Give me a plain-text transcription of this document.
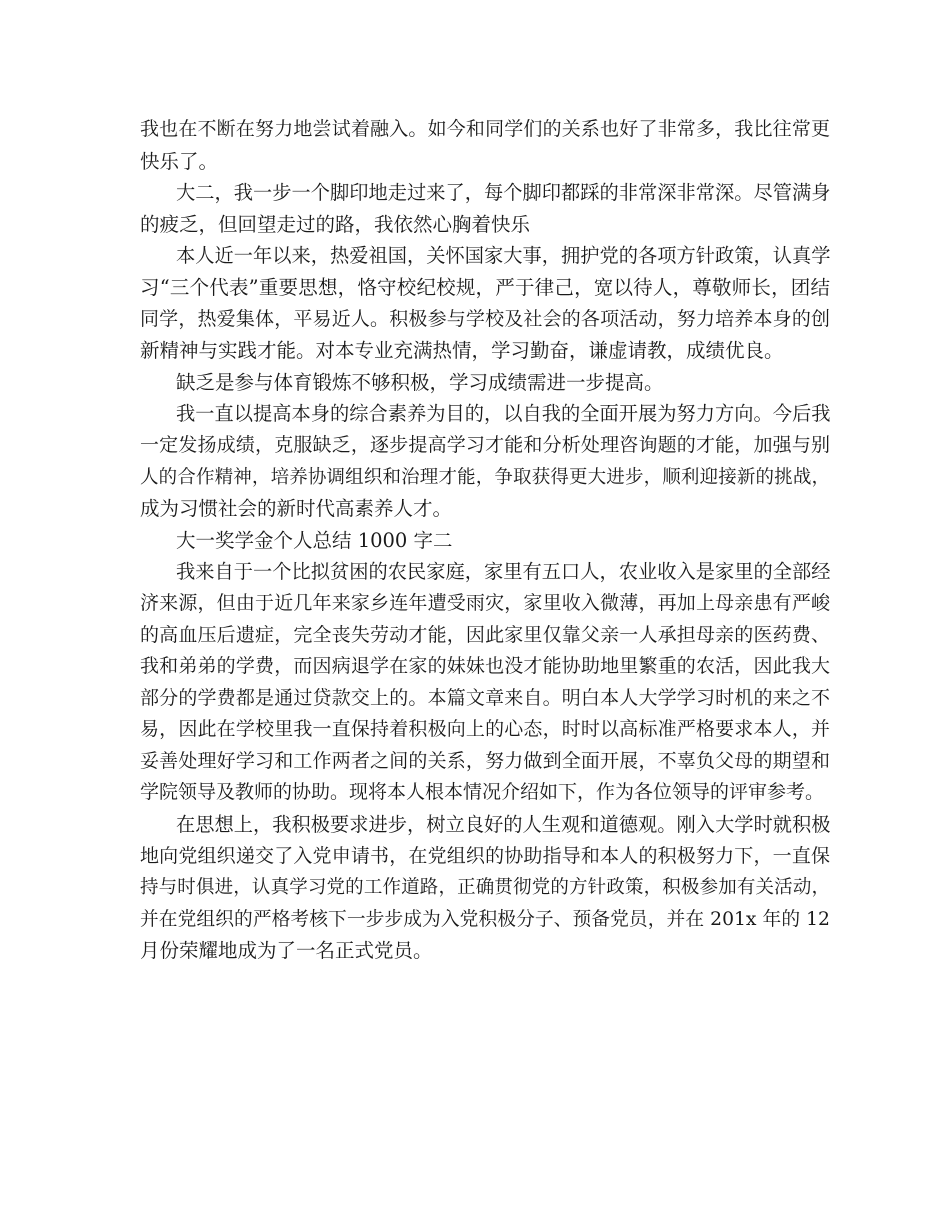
我也在不断在努力地尝试着融入。如今和同学们的关系也好了非常多，我比往常更
快乐了。
大二，我一步一个脚印地走过来了，每个脚印都踩的非常深非常深。尽管满身
的疲乏，但回望走过的路，我依然心胸着快乐
本人近一年以来，热爱祖国，关怀国家大事，拥护党的各项方针政策，认真学
习“三个代表”重要思想，恪守校纪校规，严于律己，宽以待人，尊敬师长，团结
同学，热爱集体，平易近人。积极参与学校及社会的各项活动，努力培养本身的创
新精神与实践才能。对本专业充满热情，学习勤奋，谦虚请教，成绩优良。
缺乏是参与体育锻炼不够积极，学习成绩需进一步提高。
我一直以提高本身的综合素养为目的，以自我的全面开展为努力方向。今后我
一定发扬成绩，克服缺乏，逐步提高学习才能和分析处理咨询题的才能，加强与别
人的合作精神，培养协调组织和治理才能，争取获得更大进步，顺利迎接新的挑战，
成为习惯社会的新时代高素养人才。
大一奖学金个人总结 1000 字二
我来自于一个比拟贫困的农民家庭，家里有五口人，农业收入是家里的全部经
济来源，但由于近几年来家乡连年遭受雨灾，家里收入微薄，再加上母亲患有严峻
的高血压后遗症，完全丧失劳动才能，因此家里仅靠父亲一人承担母亲的医药费、
我和弟弟的学费，而因病退学在家的妹妹也没才能协助地里繁重的农活，因此我大
部分的学费都是通过贷款交上的。本篇文章来自。明白本人大学学习时机的来之不
易，因此在学校里我一直保持着积极向上的心态，时时以高标准严格要求本人，并
妥善处理好学习和工作两者之间的关系，努力做到全面开展，不辜负父母的期望和
学院领导及教师的协助。现将本人根本情况介绍如下，作为各位领导的评审参考。
在思想上，我积极要求进步，树立良好的人生观和道德观。刚入大学时就积极
地向党组织递交了入党申请书，在党组织的协助指导和本人的积极努力下，一直保
持与时俱进，认真学习党的工作道路，正确贯彻党的方针政策，积极参加有关活动，
并在党组织的严格考核下一步步成为入党积极分子、预备党员，并在 201x 年的 12
月份荣耀地成为了一名正式党员。
